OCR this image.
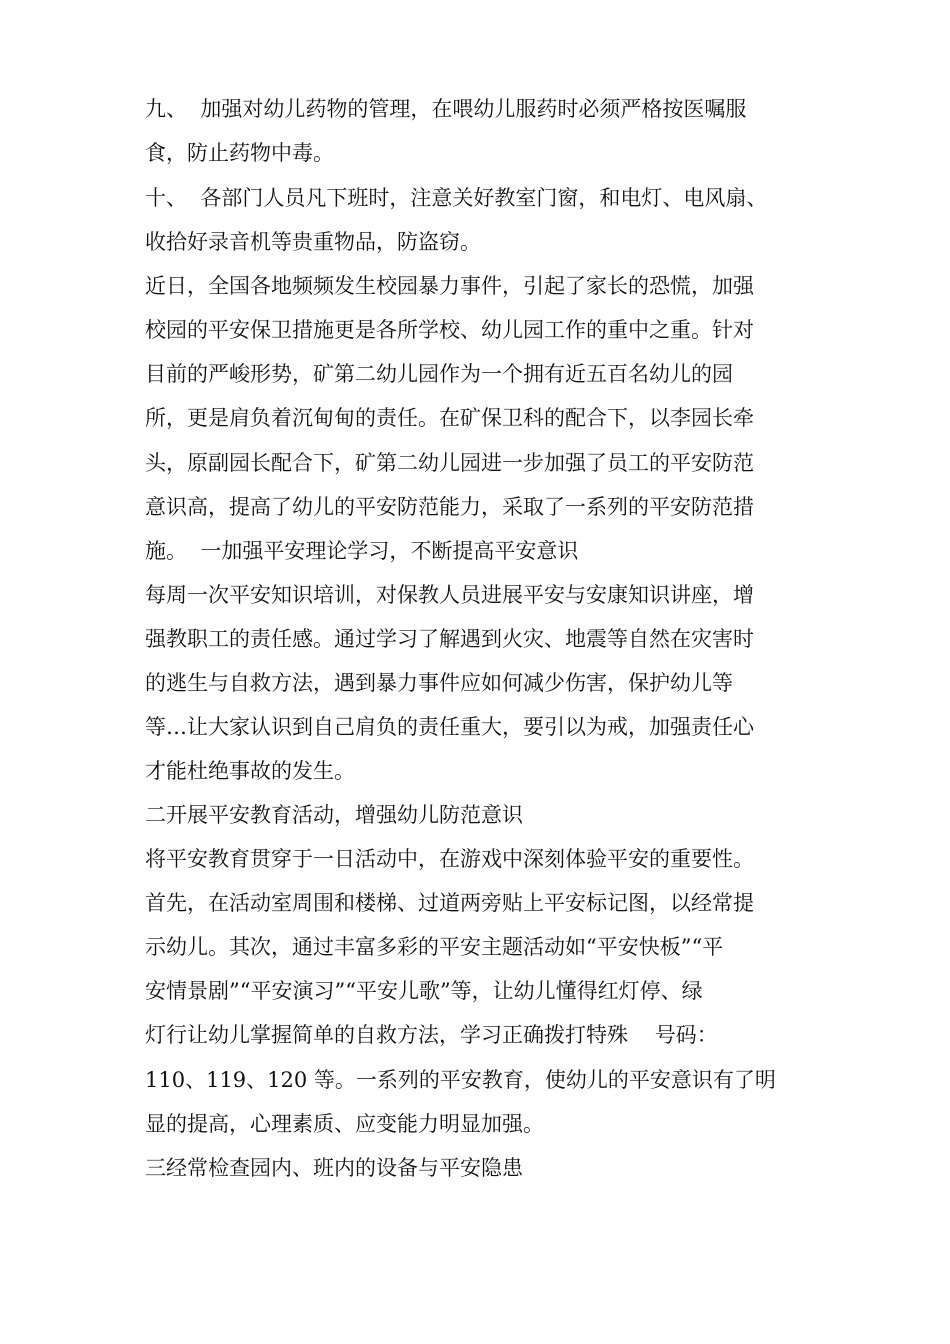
九、  加强对幼儿药物的管理，在喂幼儿服药时必须严格按医嘱服

食，防止药物中毒。

十、  各部门人员凡下班时，注意关好教室门窗，和电灯、电风扇、

收拾好录音机等贵重物品，防盗窃。

近日，全国各地频频发生校园暴力事件，引起了家长的恐慌，加强

校园的平安保卫措施更是各所学校、幼儿园工作的重中之重。针对

目前的严峻形势，矿第二幼儿园作为一个拥有近五百名幼儿的园

所，更是肩负着沉甸甸的责任。在矿保卫科的配合下，以李园长牵

头，原副园长配合下，矿第二幼儿园进一步加强了员工的平安防范

意识高，提高了幼儿的平安防范能力，采取了一系列的平安防范措

施。  一加强平安理论学习，不断提高平安意识

每周一次平安知识培训，对保教人员进展平安与安康知识讲座，增

强教职工的责任感。通过学习了解遇到火灾、地震等自然在灾害时

的逃生与自救方法，遇到暴力事件应如何减少伤害，保护幼儿等

等…让大家认识到自己肩负的责任重大，要引以为戒，加强责任心

才能杜绝事故的发生。

二开展平安教育活动，增强幼儿防范意识

将平安教育贯穿于一日活动中，在游戏中深刻体验平安的重要性。

首先，在活动室周围和楼梯、过道两旁贴上平安标记图，以经常提

示幼儿。其次，通过丰富多彩的平安主题活动如“平安快板”“平

安情景剧”“平安演习”“平安儿歌”等，让幼儿懂得红灯停、绿

灯行让幼儿掌握简单的自救方法，学习正确拨打特殊    号码：

110、119、120 等。一系列的平安教育，使幼儿的平安意识有了明

显的提高，心理素质、应变能力明显加强。

三经常检查园内、班内的设备与平安隐患
